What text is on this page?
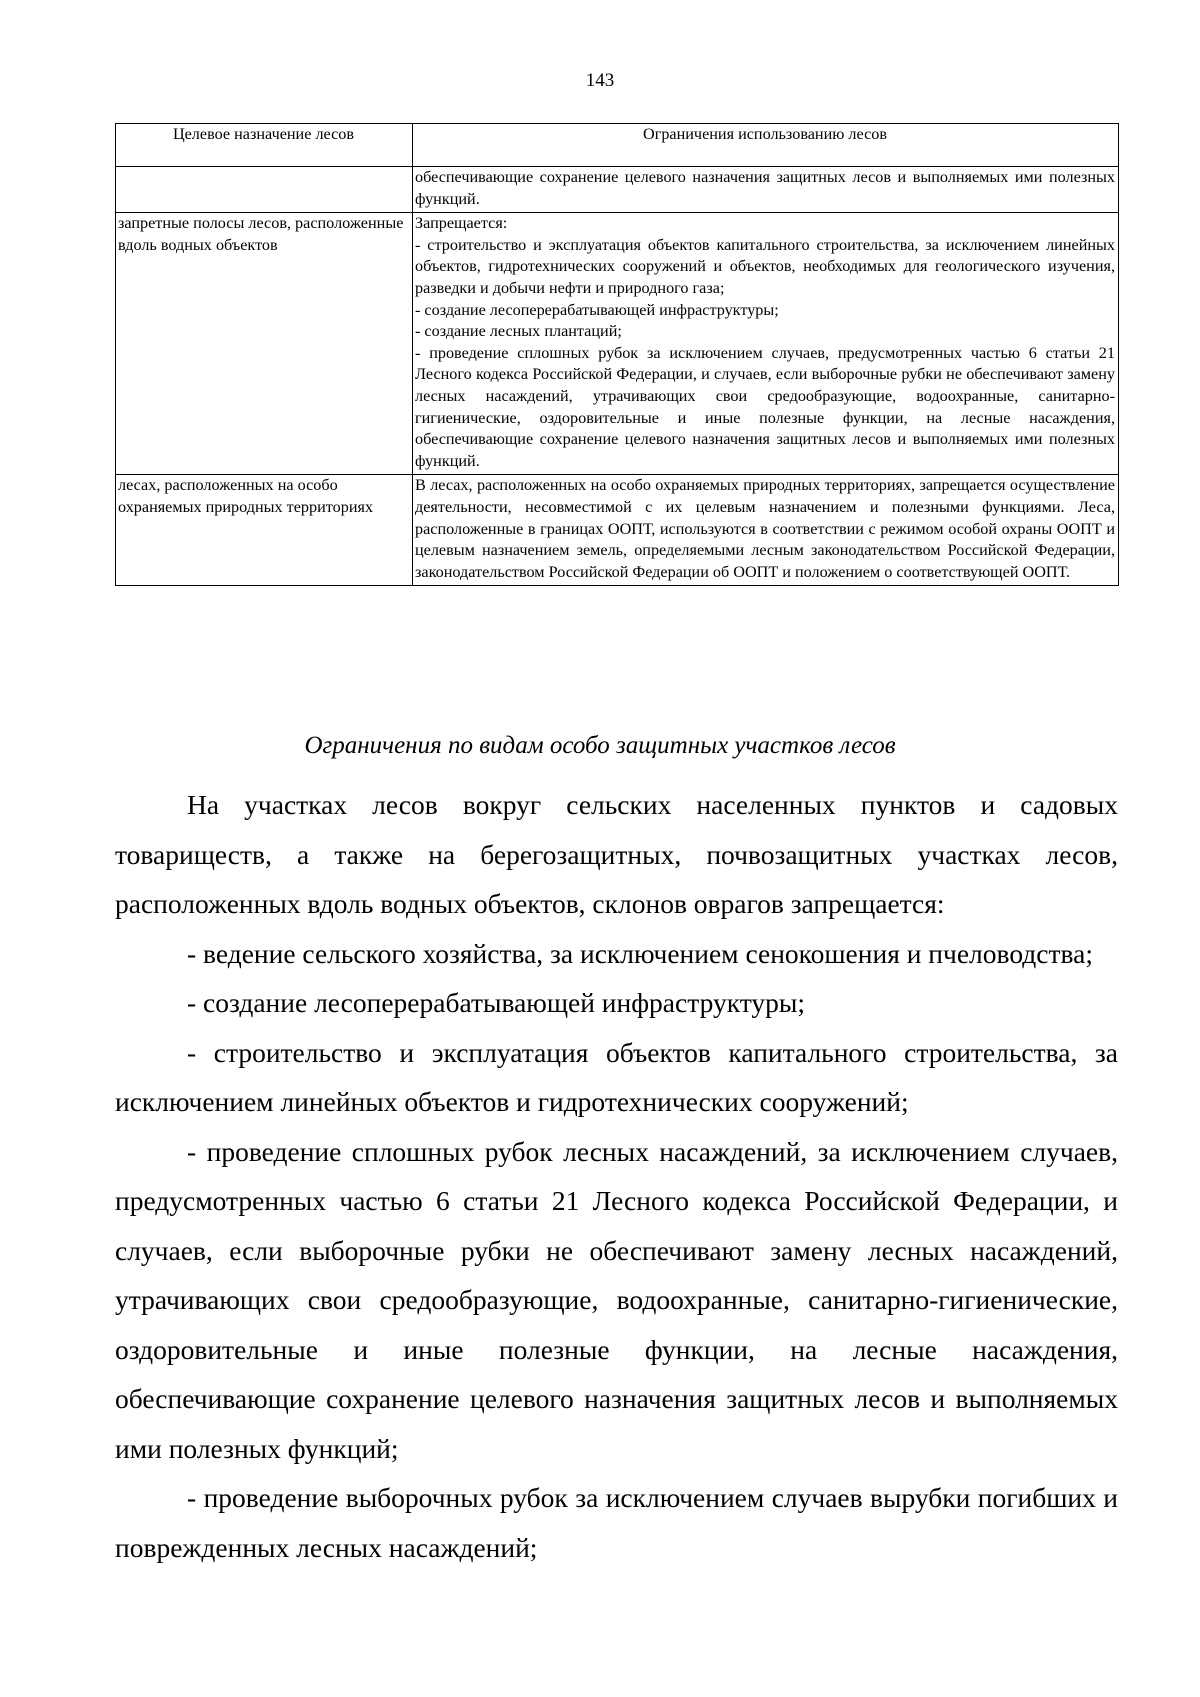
143
Целевое назначение лесов	Ограничения использованию лесов

	обеспечивающие сохранение целевого назначения защитных лесов и выполняемых ими полезных функций.

запретные полосы лесов, расположенные вдоль водных объектов	Запрещается:
- строительство и эксплуатация объектов капитального строительства, за исключением линейных объектов, гидротехнических сооружений и объектов, необходимых для геологического изучения, разведки и добычи нефти и природного газа;
- создание лесоперерабатывающей инфраструктуры;
- создание лесных плантаций;
- проведение сплошных рубок за исключением случаев, предусмотренных частью 6 статьи 21 Лесного кодекса Российской Федерации, и случаев, если выборочные рубки не обеспечивают замену лесных насаждений, утрачивающих свои средообразующие, водоохранные, санитарно-гигиенические, оздоровительные и иные полезные функции, на лесные насаждения, обеспечивающие сохранение целевого назначения защитных лесов и выполняемых ими полезных функций.

лесах, расположенных на особо охраняемых природных территориях	В лесах, расположенных на особо охраняемых природных территориях, запрещается осуществление деятельности, несовместимой с их целевым назначением и полезными функциями. Леса, расположенные в границах ООПТ, используются в соответствии с режимом особой охраны ООПТ и целевым назначением земель, определяемыми лесным законодательством Российской Федерации, законодательством Российской Федерации об ООПТ и положением о соответствующей ООПТ.
Ограничения по видам особо защитных участков лесов

На участках лесов вокруг сельских населенных пунктов и садовых товариществ, а также на берегозащитных, почвозащитных участках лесов, расположенных вдоль водных объектов, склонов оврагов запрещается:

- ведение сельского хозяйства, за исключением сенокошения и пчеловодства;

- создание лесоперерабатывающей инфраструктуры;

- строительство и эксплуатация объектов капитального строительства, за исключением линейных объектов и гидротехнических сооружений;

- проведение сплошных рубок лесных насаждений, за исключением случаев, предусмотренных частью 6 статьи 21 Лесного кодекса Российской Федерации, и случаев, если выборочные рубки не обеспечивают замену лесных насаждений, утрачивающих свои средообразующие, водоохранные, санитарно-гигиенические, оздоровительные и иные полезные функции, на лесные насаждения, обеспечивающие сохранение целевого назначения защитных лесов и выполняемых ими полезных функций;

- проведение выборочных рубок за исключением случаев вырубки погибших и поврежденных лесных насаждений;
